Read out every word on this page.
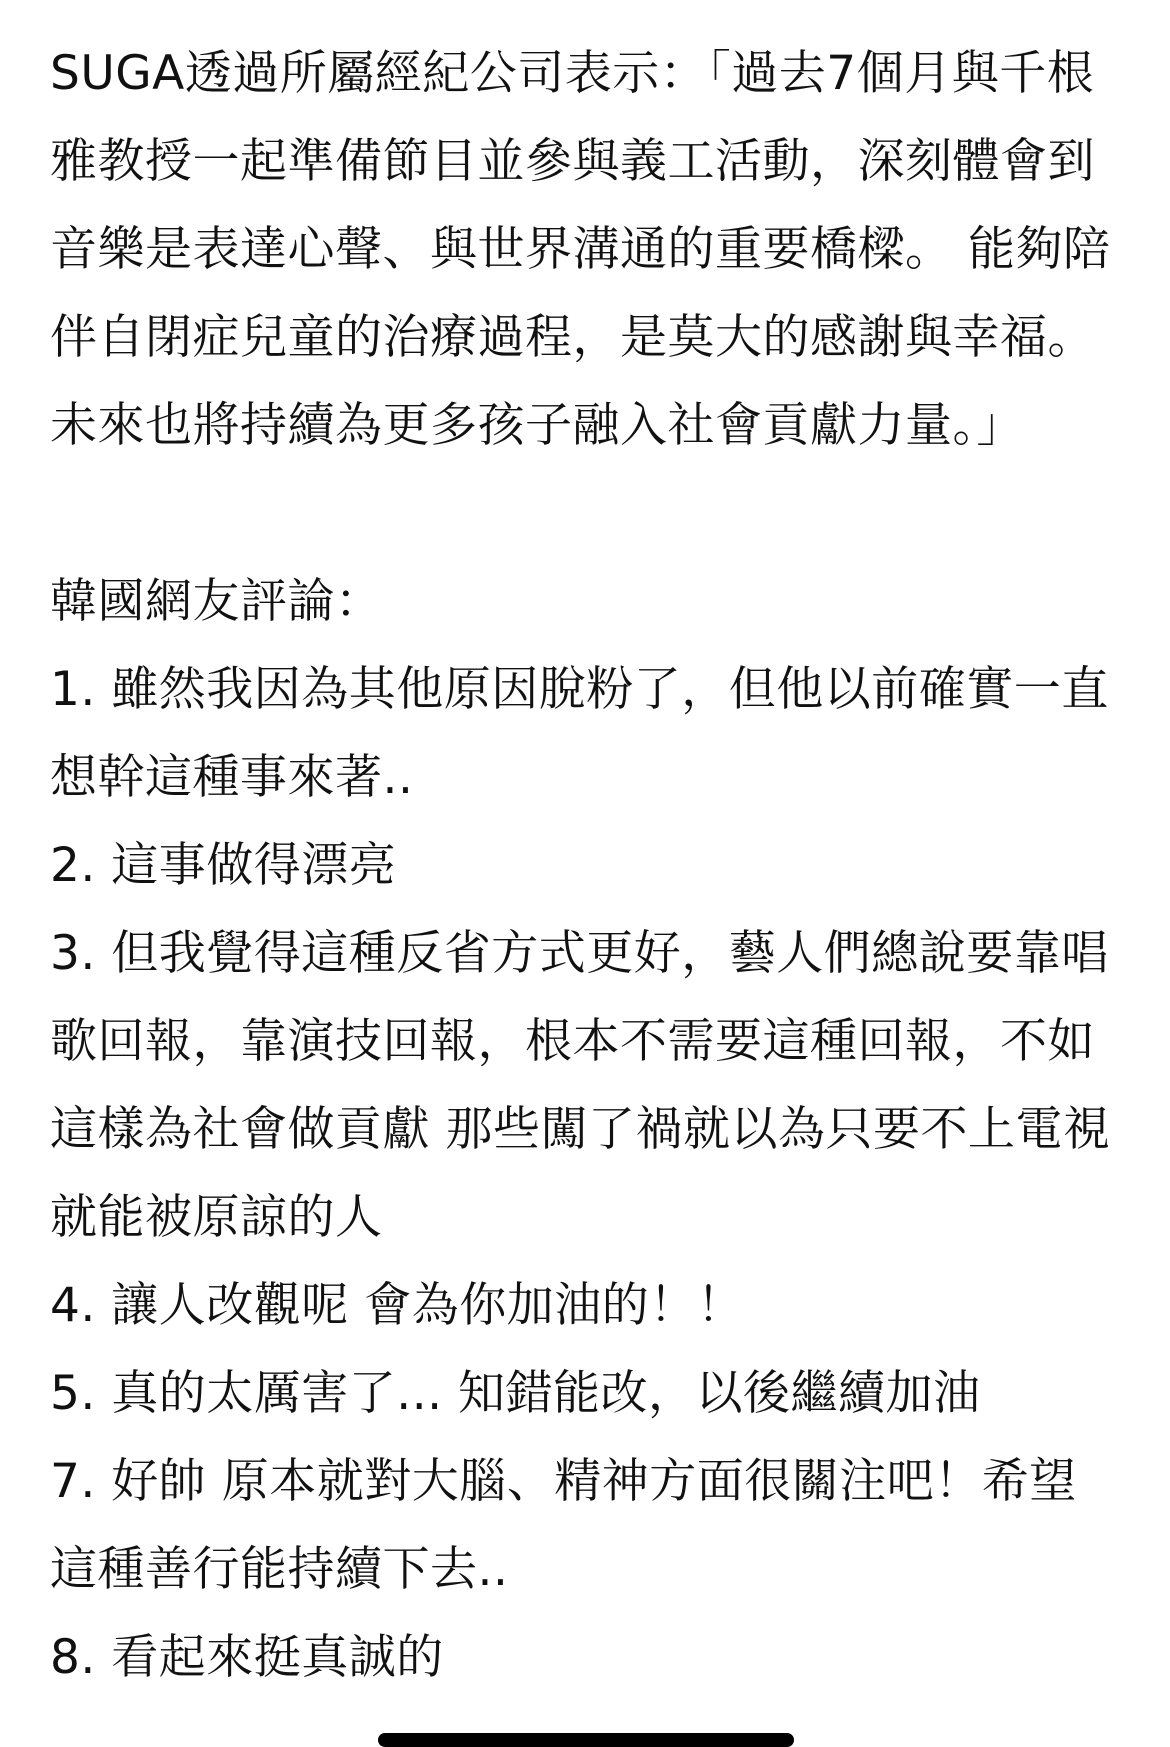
SUGA透過所屬經紀公司表示：「過去7個月與千根雅教授一起準備節目並參與義工活動，深刻體會到音樂是表達心聲、與世界溝通的重要橋樑。 能夠陪伴自閉症兒童的治療過程，是莫大的感謝與幸福。 未來也將持續為更多孩子融入社會貢獻力量。」

韓國網友評論：

1. 雖然我因為其他原因脫粉了，但他以前確實一直想幹這種事來著..

2. 這事做得漂亮

3. 但我覺得這種反省方式更好，藝人們總說要靠唱歌回報，靠演技回報，根本不需要這種回報，不如這樣為社會做貢獻 那些闖了禍就以為只要不上電視就能被原諒的人

4. 讓人改觀呢 會為你加油的！！

5. 真的太厲害了... 知錯能改，以後繼續加油

7. 好帥 原本就對大腦、精神方面很關注吧！希望這種善行能持續下去..

8. 看起來挺真誠的
